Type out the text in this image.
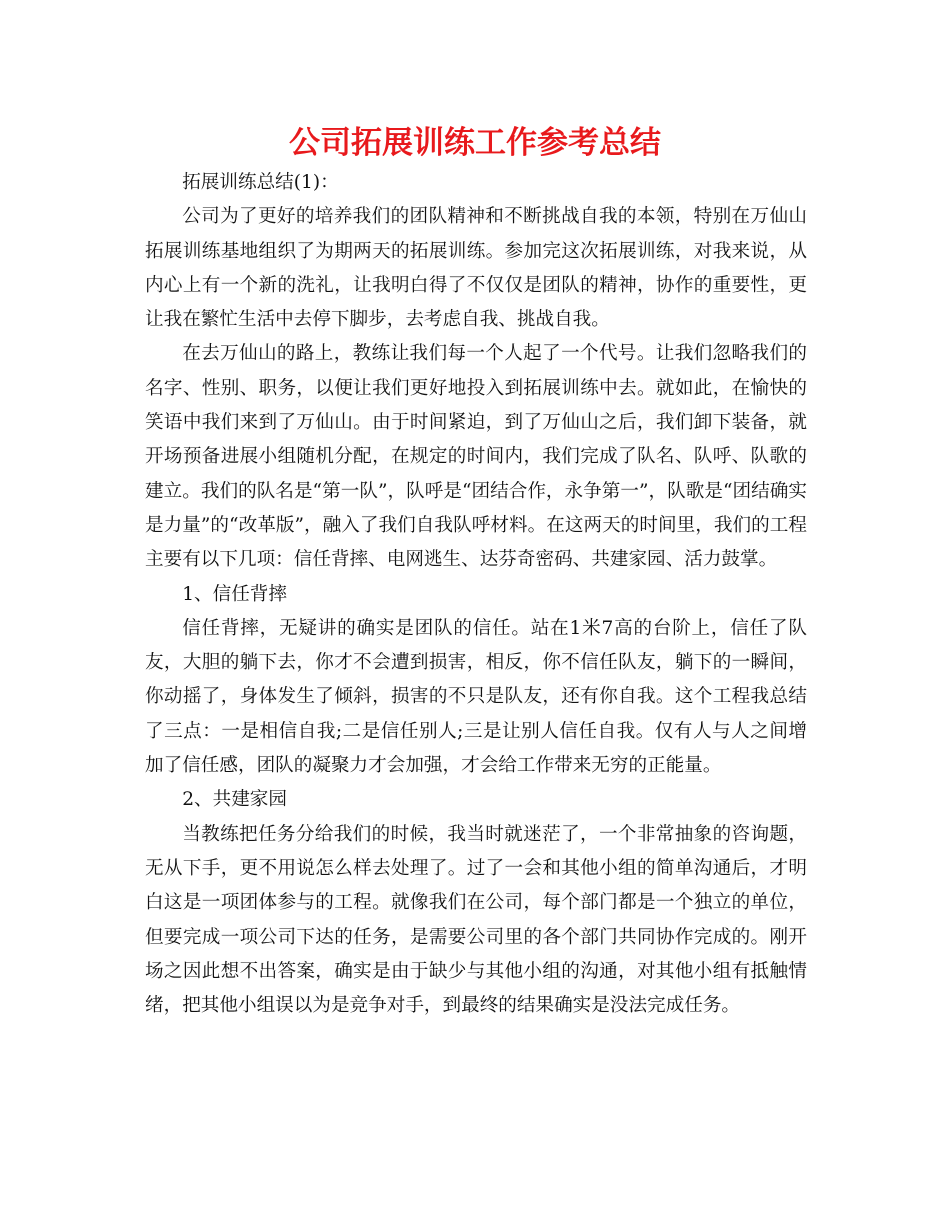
公司拓展训练工作参考总结

拓展训练总结(1)：

公司为了更好的培养我们的团队精神和不断挑战自我的本领，特别在万仙山拓展训练基地组织了为期两天的拓展训练。参加完这次拓展训练，对我来说，从内心上有一个新的洗礼，让我明白得了不仅仅是团队的精神，协作的重要性，更让我在繁忙生活中去停下脚步，去考虑自我、挑战自我。

在去万仙山的路上，教练让我们每一个人起了一个代号。让我们忽略我们的名字、性别、职务，以便让我们更好地投入到拓展训练中去。就如此，在愉快的笑语中我们来到了万仙山。由于时间紧迫，到了万仙山之后，我们卸下装备，就开场预备进展小组随机分配，在规定的时间内，我们完成了队名、队呼、队歌的建立。我们的队名是“第一队”，队呼是“团结合作，永争第一”，队歌是“团结确实是力量”的“改革版”，融入了我们自我队呼材料。在这两天的时间里，我们的工程主要有以下几项：信任背摔、电网逃生、达芬奇密码、共建家园、活力鼓掌。

1、信任背摔

信任背摔，无疑讲的确实是团队的信任。站在1米7高的台阶上，信任了队友，大胆的躺下去，你才不会遭到损害，相反，你不信任队友，躺下的一瞬间，你动摇了，身体发生了倾斜，损害的不只是队友，还有你自我。这个工程我总结了三点：一是相信自我;二是信任别人;三是让别人信任自我。仅有人与人之间增加了信任感，团队的凝聚力才会加强，才会给工作带来无穷的正能量。

2、共建家园

当教练把任务分给我们的时候，我当时就迷茫了，一个非常抽象的咨询题，无从下手，更不用说怎么样去处理了。过了一会和其他小组的简单沟通后，才明白这是一项团体参与的工程。就像我们在公司，每个部门都是一个独立的单位，但要完成一项公司下达的任务，是需要公司里的各个部门共同协作完成的。刚开场之因此想不出答案，确实是由于缺少与其他小组的沟通，对其他小组有抵触情绪，把其他小组误以为是竞争对手，到最终的结果确实是没法完成任务。
